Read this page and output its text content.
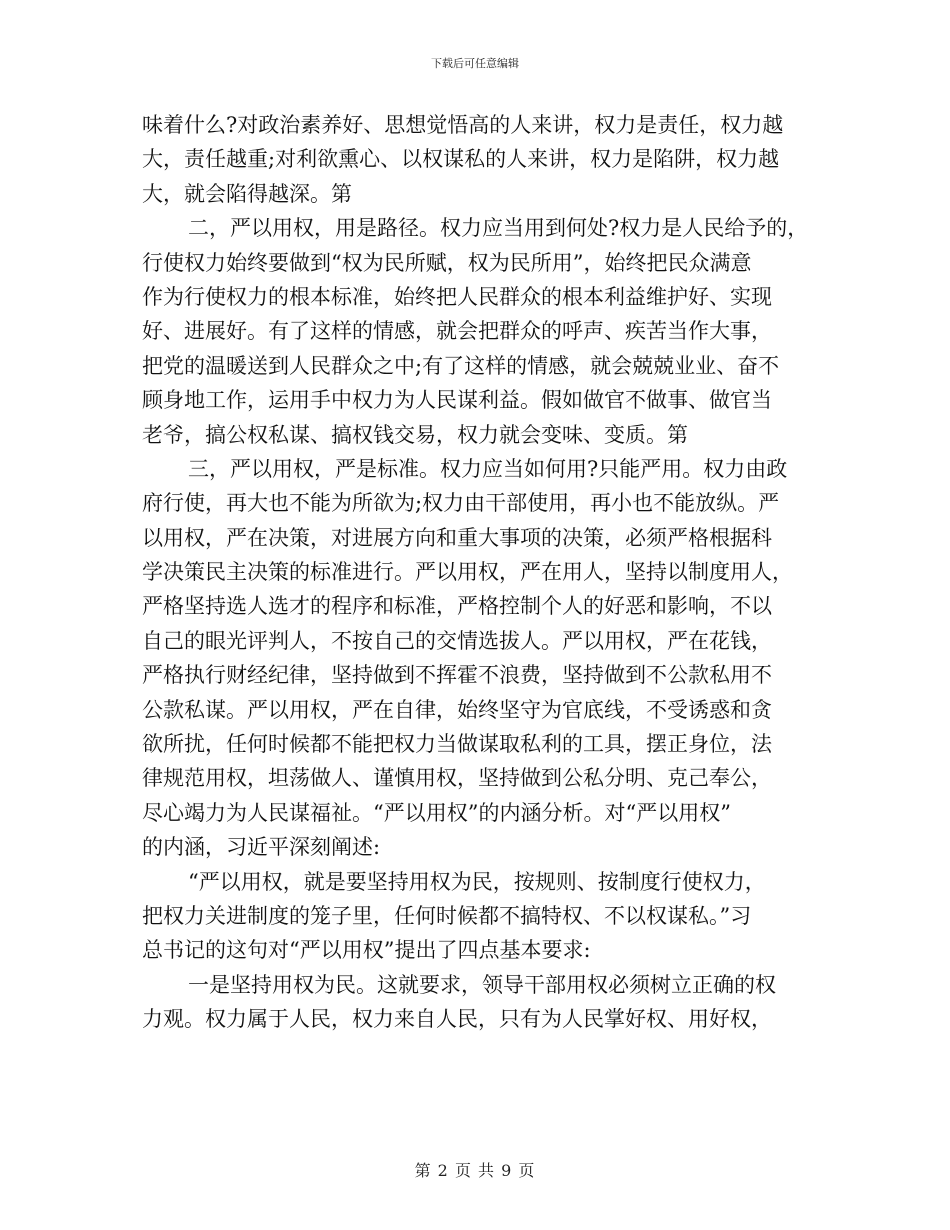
下载后可任意编辑
味着什么?对政治素养好、思想觉悟高的人来讲，权力是责任，权力越
大，责任越重;对利欲熏心、以权谋私的人来讲，权力是陷阱，权力越
大，就会陷得越深。第
二，严以用权，用是路径。权力应当用到何处?权力是人民给予的，
行使权力始终要做到“权为民所赋，权为民所用”，始终把民众满意
作为行使权力的根本标准，始终把人民群众的根本利益维护好、实现
好、进展好。有了这样的情感，就会把群众的呼声、疾苦当作大事，
把党的温暖送到人民群众之中;有了这样的情感，就会兢兢业业、奋不
顾身地工作，运用手中权力为人民谋利益。假如做官不做事、做官当
老爷，搞公权私谋、搞权钱交易，权力就会变味、变质。第
三，严以用权，严是标准。权力应当如何用?只能严用。权力由政
府行使，再大也不能为所欲为;权力由干部使用，再小也不能放纵。严
以用权，严在决策，对进展方向和重大事项的决策，必须严格根据科
学决策民主决策的标准进行。严以用权，严在用人，坚持以制度用人，
严格坚持选人选才的程序和标准，严格控制个人的好恶和影响，不以
自己的眼光评判人，不按自己的交情选拔人。严以用权，严在花钱，
严格执行财经纪律，坚持做到不挥霍不浪费，坚持做到不公款私用不
公款私谋。严以用权，严在自律，始终坚守为官底线，不受诱惑和贪
欲所扰，任何时候都不能把权力当做谋取私利的工具，摆正身位，法
律规范用权，坦荡做人、谨慎用权，坚持做到公私分明、克己奉公，
尽心竭力为人民谋福祉。“严以用权”的内涵分析。对“严以用权”
的内涵，习近平深刻阐述:
“严以用权，就是要坚持用权为民，按规则、按制度行使权力，
把权力关进制度的笼子里，任何时候都不搞特权、不以权谋私。”习
总书记的这句对“严以用权”提出了四点基本要求:
一是坚持用权为民。这就要求，领导干部用权必须树立正确的权
力观。权力属于人民，权力来自人民，只有为人民掌好权、用好权，
第 2 页 共 9 页
